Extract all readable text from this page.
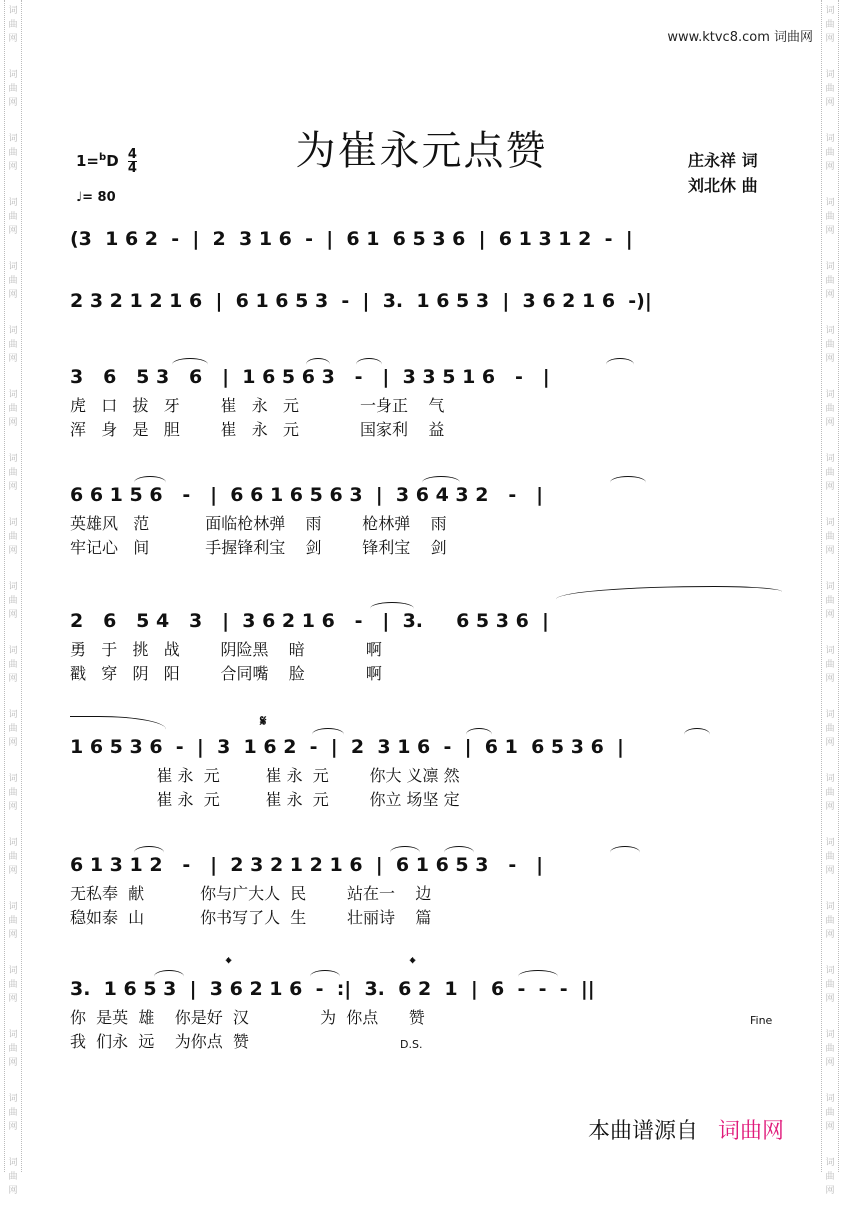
词
曲
网
词
曲
网
词
曲
网
词
曲
网
词
曲
网
词
曲
网
词
曲
网
词
曲
网
词
曲
网
词
曲
网
词
曲
网
词
曲
网
词
曲
网
词
曲
网
词
曲
网
词
曲
网
词
曲
网
词
曲
网
词
曲
网
词
曲
网
词
曲
网
词
曲
网
词
曲
网
词
曲
网
词
曲
网
词
曲
网
词
曲
网
词
曲
网
词
曲
网
词
曲
网
词
曲
网
词
曲
网
词
曲
网
词
曲
网
词
曲
网
词
曲
网
词
曲
网
词
曲
网
www.ktvc8.com 词曲网
为崔永元点赞
$1=^bD \frac{4}{4}$
♩= 80
庄永祥 词
刘北休 曲
(3  1 6 2  -  |  2  3 1 6  -  |  6 1  6 5 3 6  |  6 1 3 1 2  -  |
2 3 2 1 2 1 6  |  6 1 6 5 3  -  |  3.  1 6 5 3  |  3 6 2 1 6  -)|
3   6   5 3   6   |  1 6 5 6 3   -   |  3 3 5 1 6   -   |
虎   口   拔   牙        崔   永   元            一身正    气
浑   身   是   胆        崔   永   元            国家利    益
6 6 1 5 6   -   |  6 6 1 6 5 6 3  |  3 6 4 3 2   -   |
英雄风   范           面临枪林弹    雨        枪林弹    雨
牢记心   间           手握锋利宝    剑        锋利宝    剑
2   6   5 4   3   |  3 6 2 1 6   -   |  3.     6 5 3 6  |
勇   于   挑   战        阴险黑    暗            啊
戳   穿   阴   阳        合同嘴    脸            啊
𝄋
1 6 5 3 6  -  |  3  1 6 2  -  |  2  3 1 6  -  |  6 1  6 5 3 6  |
崔 永  元         崔 永  元        你大 义凛 然
崔 永  元         崔 永  元        你立 场坚 定
6 1 3 1 2   -   |  2 3 2 1 2 1 6  |  6 1 6 5 3   -   |
无私奉  献           你与广大人  民        站在一    边
稳如泰  山           你书写了人  生        壮丽诗    篇
𝄌	𝄌
3.  1 6 5 3  |  3 6 2 1 6  -  :|  3.  6 2  1  |  6  -  -  -  ||
你  是英  雄    你是好  汉              为  你点      赞
我  们永  远    为你点  赞	D.S.
Fine
本曲谱源自 词曲网
